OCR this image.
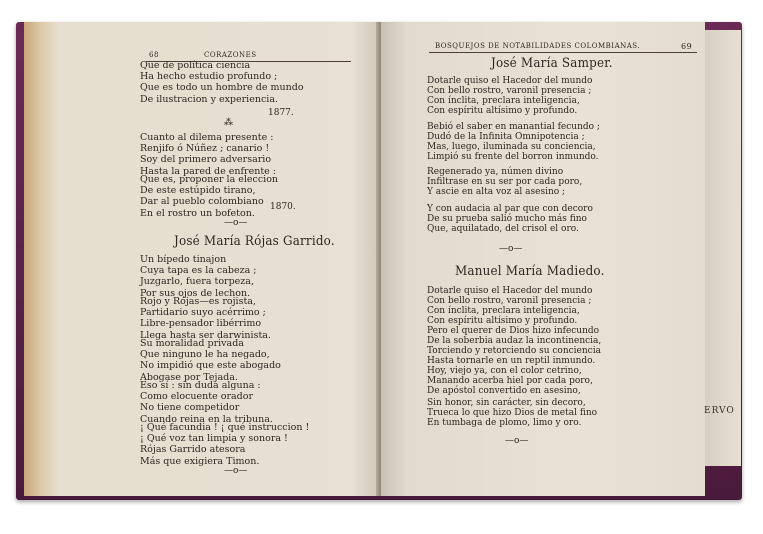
68	CORAZONES
Que de política ciencia
Ha hecho estudio profundo ;
Que es todo un hombre de mundo
De ilustracion y experiencia.
1877.
⁂
Cuanto al dilema presente :
Renjifo ó Núñez ; canario !
Soy del primero adversario
Hasta la pared de enfrente :
Que es, proponer la eleccion
De este estúpido tirano,
Dar al pueblo colombiano
En el rostro un bofeton.
1870.
—o—
José María Rójas Garrido.
Un bípedo tinajon
Cuya tapa es la cabeza ;
Juzgarlo, fuera torpeza,
Por sus ojos de lechon.
Rojo y Rójas—es rojista,
Partidario suyo acérrimo ;
Libre-pensador libérrimo
Llega hasta ser darwinista.
Su moralidad privada
Que ninguno le ha negado,
No impidió que este abogado
Abogase por Tejada.
Eso sí : sin duda alguna :
Como elocuente orador
No tiene competidor
Cuando reina en la tribuna.
¡ Qué facundia ! ¡ qué instruccion !
¡ Qué voz tan limpia y sonora !
Rójas Garrido atesora
Más que exigiera Timon.
—o—
BOSQUEJOS DE NOTABILIDADES COLOMBIANAS.	69
José María Samper.
Dotarle quiso el Hacedor del mundo
Con bello rostro, varonil presencia ;
Con ínclita, preclara inteligencia,
Con espíritu altísimo y profundo.
Bebió el saber en manantial fecundo ;
Dudó de la Infinita Omnipotencia ;
Mas, luego, iluminada su conciencia,
Limpió su frente del borron inmundo.
Regenerado ya, númen divino
Infiltrase en su ser por cada poro,
Y ascie en alta voz al asesino ;
Y con audacia al par que con decoro
De su prueba salió mucho más fino
Que, aquilatado, del crisol el oro.
—o—
Manuel María Madiedo.
Dotarle quiso el Hacedor del mundo
Con bello rostro, varonil presencia ;
Con ínclita, preclara inteligencia,
Con espíritu altísimo y profundo.
Pero el querer de Dios hizo infecundo
De la soberbia audaz la incontinencia,
Torciendo y retorciendo su conciencia
Hasta tornarle en un reptil inmundo.
Hoy, viejo ya, con el color cetrino,
Manando acerba hiel por cada poro,
De apóstol convertido en asesino,
Sin honor, sin carácter, sin decoro,
Trueca lo que hizo Dios de metal fino
En tumbaga de plomo, limo y oro.
—o—
ERVO
